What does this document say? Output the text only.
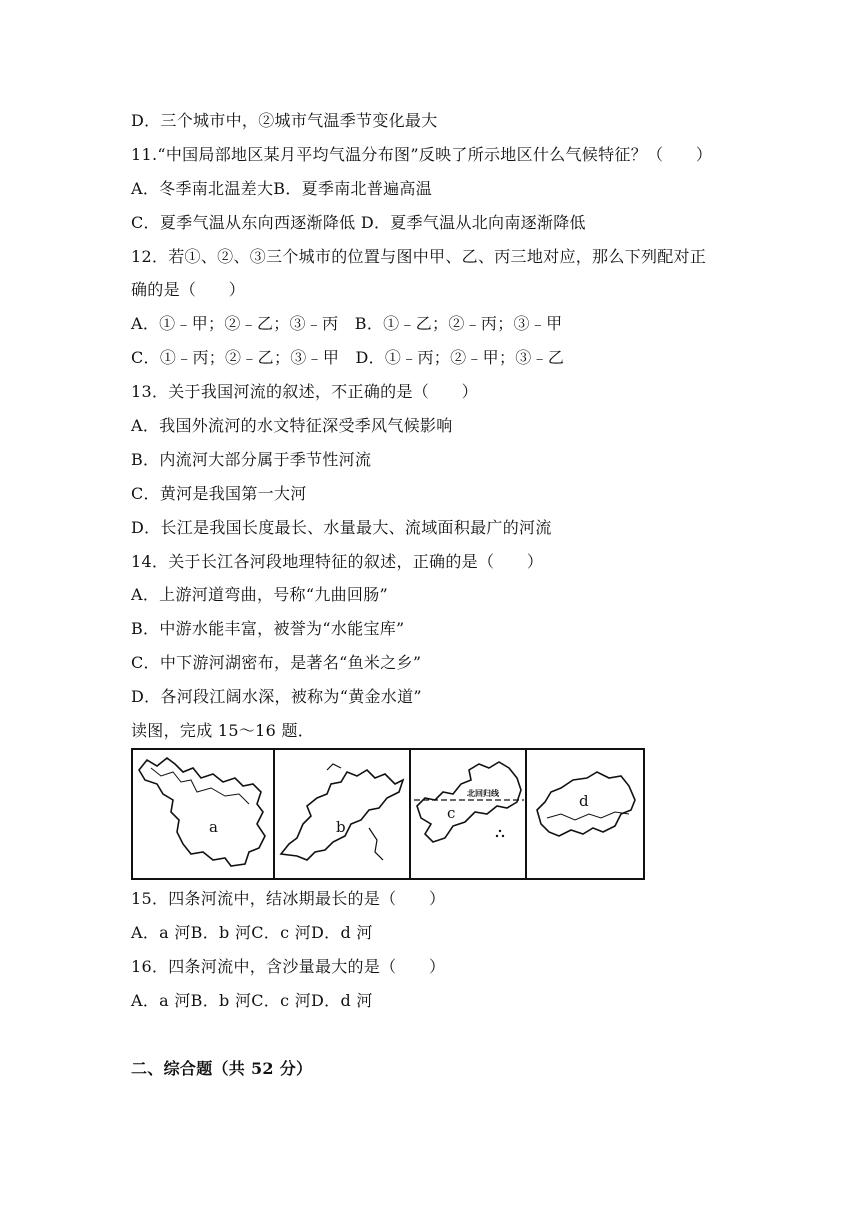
D．三个城市中，②城市气温季节变化最大
11.“中国局部地区某月平均气温分布图”反映了所示地区什么气候特征？（　　）
A．冬季南北温差大B．夏季南北普遍高温
C．夏季气温从东向西逐渐降低 D．夏季气温从北向南逐渐降低
12．若①、②、③三个城市的位置与图中甲、乙、丙三地对应，那么下列配对正
确的是（　　）
A．①﹣甲；②﹣乙；③﹣丙　B．①﹣乙；②﹣丙；③﹣甲
C．①﹣丙；②﹣乙；③﹣甲　D．①﹣丙；②﹣甲；③﹣乙
13．关于我国河流的叙述，不正确的是（　　）
A．我国外流河的水文特征深受季风气候影响
B．内流河大部分属于季节性河流
C．黄河是我国第一大河
D．长江是我国长度最长、水量最大、流域面积最广的河流
14．关于长江各河段地理特征的叙述，正确的是（　　）
A．上游河道弯曲，号称“九曲回肠”
B．中游水能丰富，被誉为“水能宝库”
C．中下游河湖密布，是著名“鱼米之乡”
D．各河段江阔水深，被称为“黄金水道”
读图，完成 15～16 题．
a	b
北回归线
c
d
15．四条河流中，结冰期最长的是（　　）
A．a 河B．b 河C．c 河D．d 河
16．四条河流中，含沙量最大的是（　　）
A．a 河B．b 河C．c 河D．d 河
二、综合题（共 52 分）
